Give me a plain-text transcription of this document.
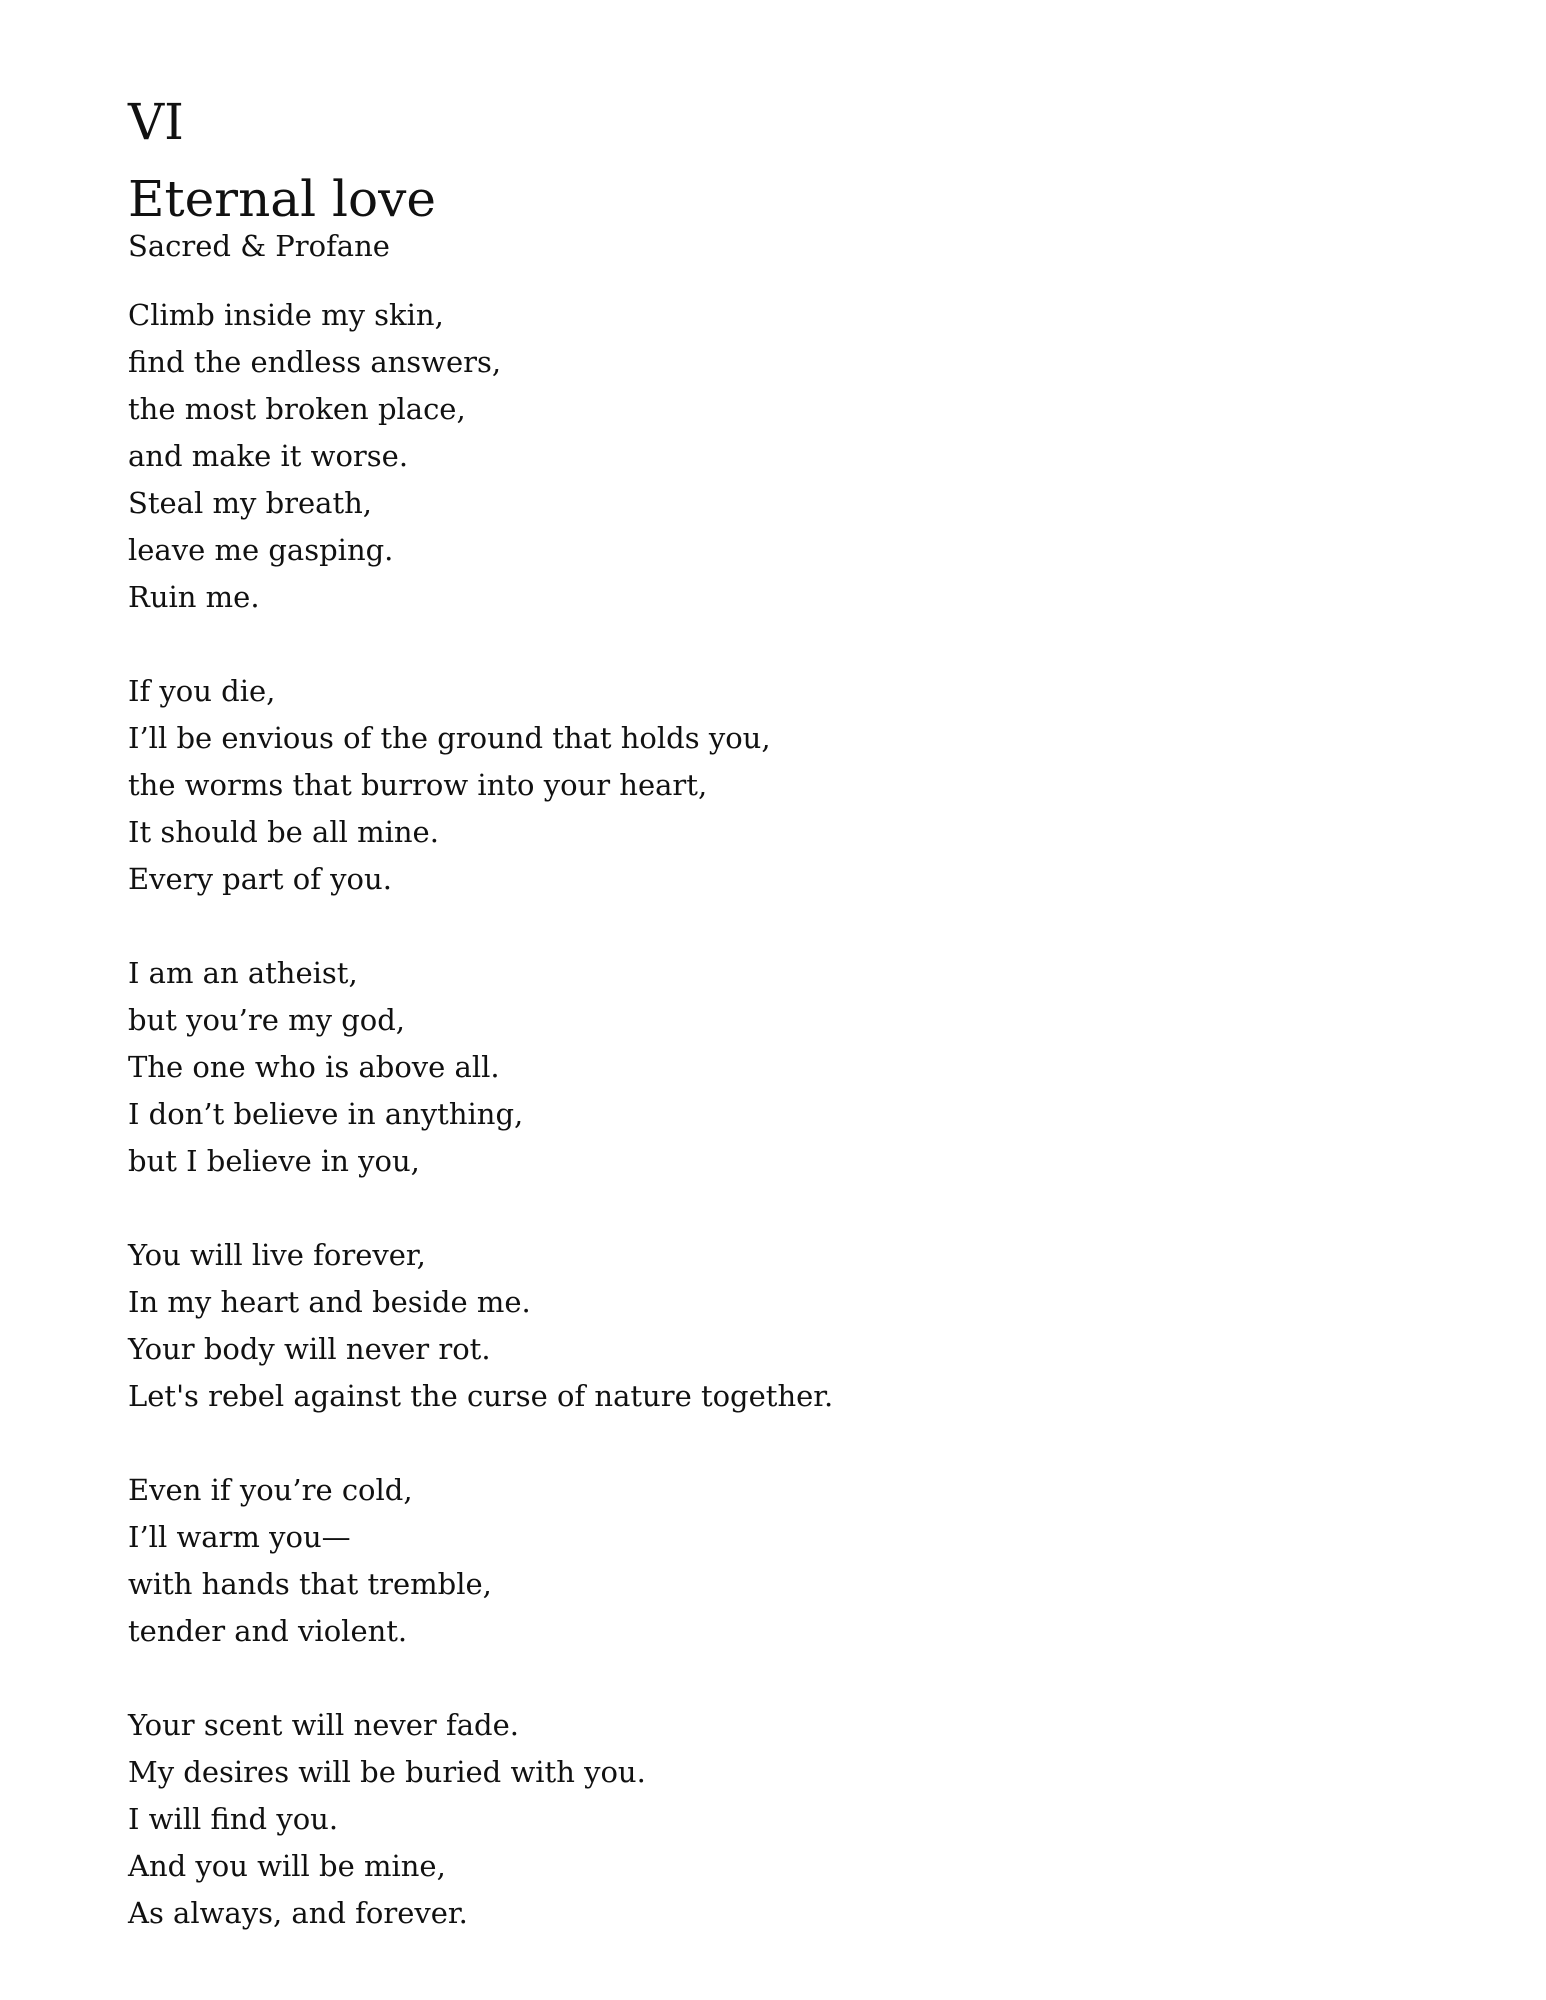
VI
Eternal love
Sacred & Profane
Climb inside my skin,
find the endless answers,
the most broken place,
and make it worse.
Steal my breath,
leave me gasping.
Ruin me.
If you die,
I’ll be envious of the ground that holds you,
the worms that burrow into your heart,
It should be all mine.
Every part of you.
I am an atheist,
but you’re my god,
The one who is above all.
I don’t believe in anything,
but I believe in you,
You will live forever,
In my heart and beside me.
Your body will never rot.
Let's rebel against the curse of nature together.
Even if you’re cold,
I’ll warm you—
with hands that tremble,
tender and violent.
Your scent will never fade.
My desires will be buried with you.
I will find you.
And you will be mine,
As always, and forever.
